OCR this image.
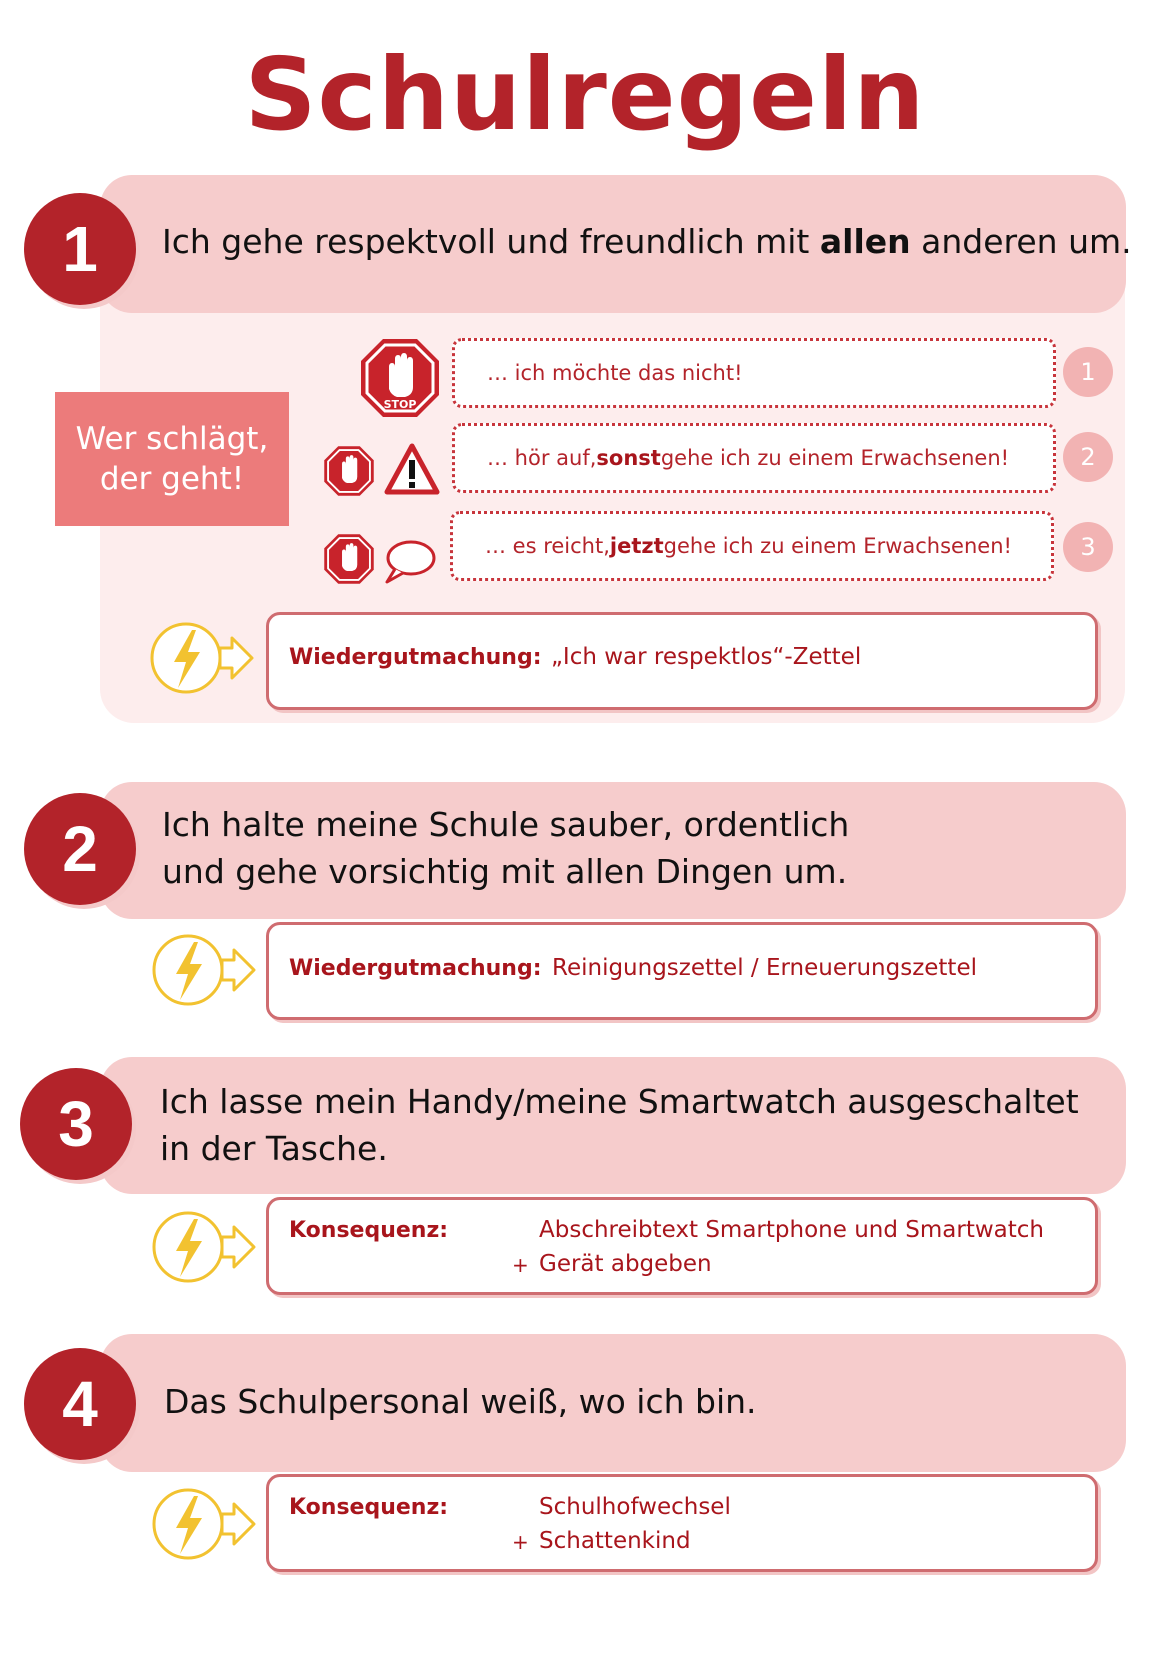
Schulregeln
1	Ich gehe respektvoll und freundlich mit allen anderen um.
Wer schlägt,
der geht!
STOP
… ich möchte das nicht!	1
… hör auf, sonst gehe ich zu einem Erwachsenen!	2
… es reicht, jetzt gehe ich zu einem Erwachsenen!	3
Wiedergutmachung: „Ich war respektlos“-Zettel
2	Ich halte meine Schule sauber, ordentlich
und gehe vorsichtig mit allen Dingen um.
Wiedergutmachung: Reinigungszettel / Erneuerungszettel
3	Ich lasse mein Handy/meine Smartwatch ausgeschaltet
in der Tasche.
Konsequenz:	Abschreibtext Smartphone und Smartwatch
+ Gerät abgeben
4	Das Schulpersonal weiß, wo ich bin.
Konsequenz:	Schulhofwechsel
+ Schattenkind
